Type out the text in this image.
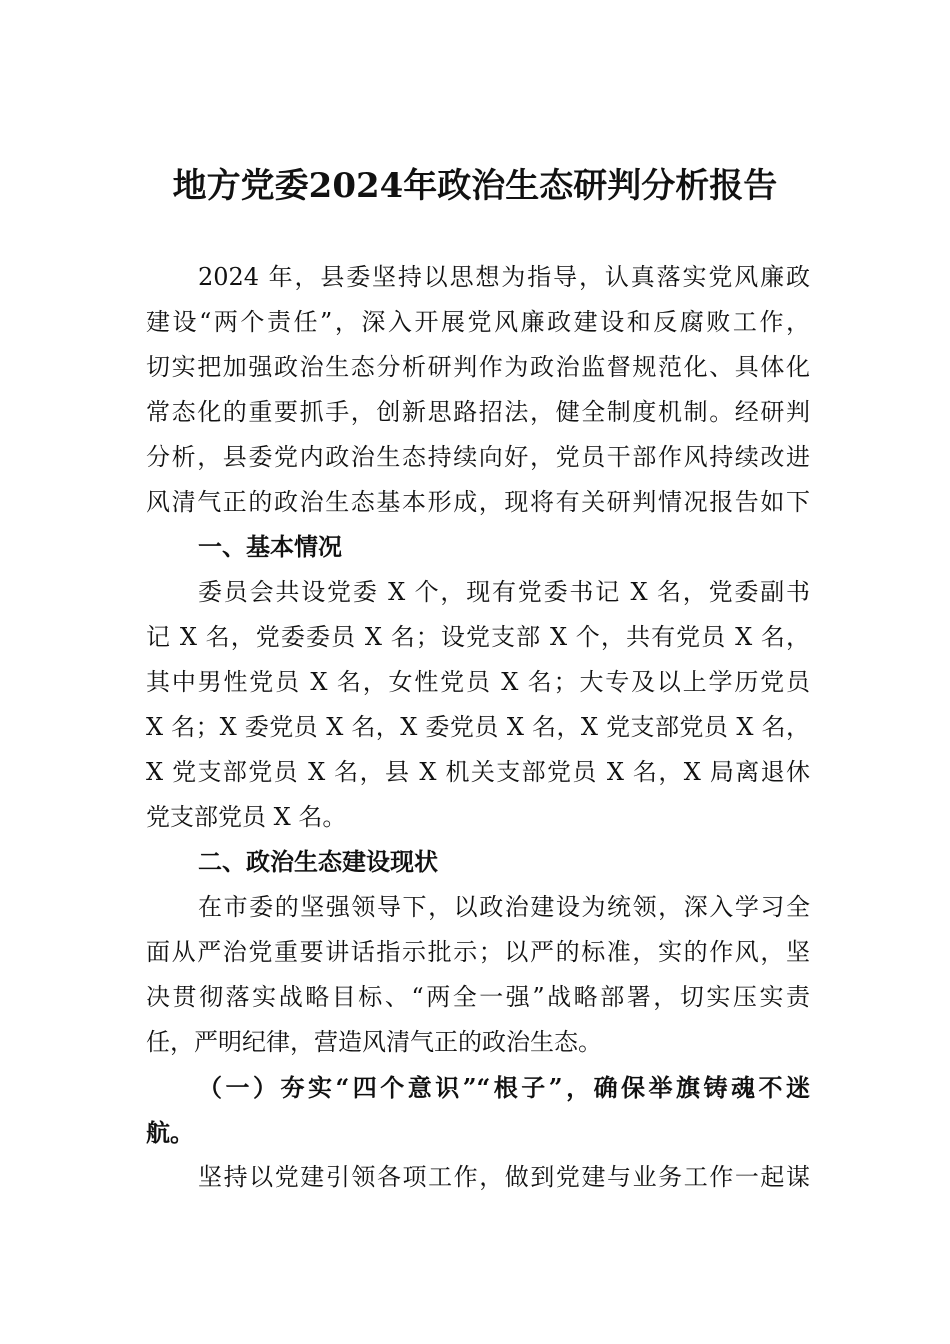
地方党委2024年政治生态研判分析报告
2024 年，县委坚持以思想为指导，认真落实党风廉政
建设“两个责任”，深入开展党风廉政建设和反腐败工作，
切实把加强政治生态分析研判作为政治监督规范化、具体化
常态化的重要抓手，创新思路招法，健全制度机制。经研判
分析，县委党内政治生态持续向好，党员干部作风持续改进
风清气正的政治生态基本形成，现将有关研判情况报告如下
一、基本情况
委员会共设党委 X 个，现有党委书记 X 名，党委副书
记 X 名，党委委员 X 名；设党支部 X 个，共有党员 X 名，
其中男性党员 X 名，女性党员 X 名；大专及以上学历党员
X 名；X 委党员 X 名，X 委党员 X 名，X 党支部党员 X 名，
X 党支部党员 X 名，县 X 机关支部党员 X 名，X 局离退休
党支部党员 X 名。
二、政治生态建设现状
在市委的坚强领导下，以政治建设为统领，深入学习全
面从严治党重要讲话指示批示；以严的标准，实的作风，坚
决贯彻落实战略目标、“两全一强”战略部署，切实压实责
任，严明纪律，营造风清气正的政治生态。
（一）夯实“四个意识”“根子”，确保举旗铸魂不迷
航。
坚持以党建引领各项工作，做到党建与业务工作一起谋
